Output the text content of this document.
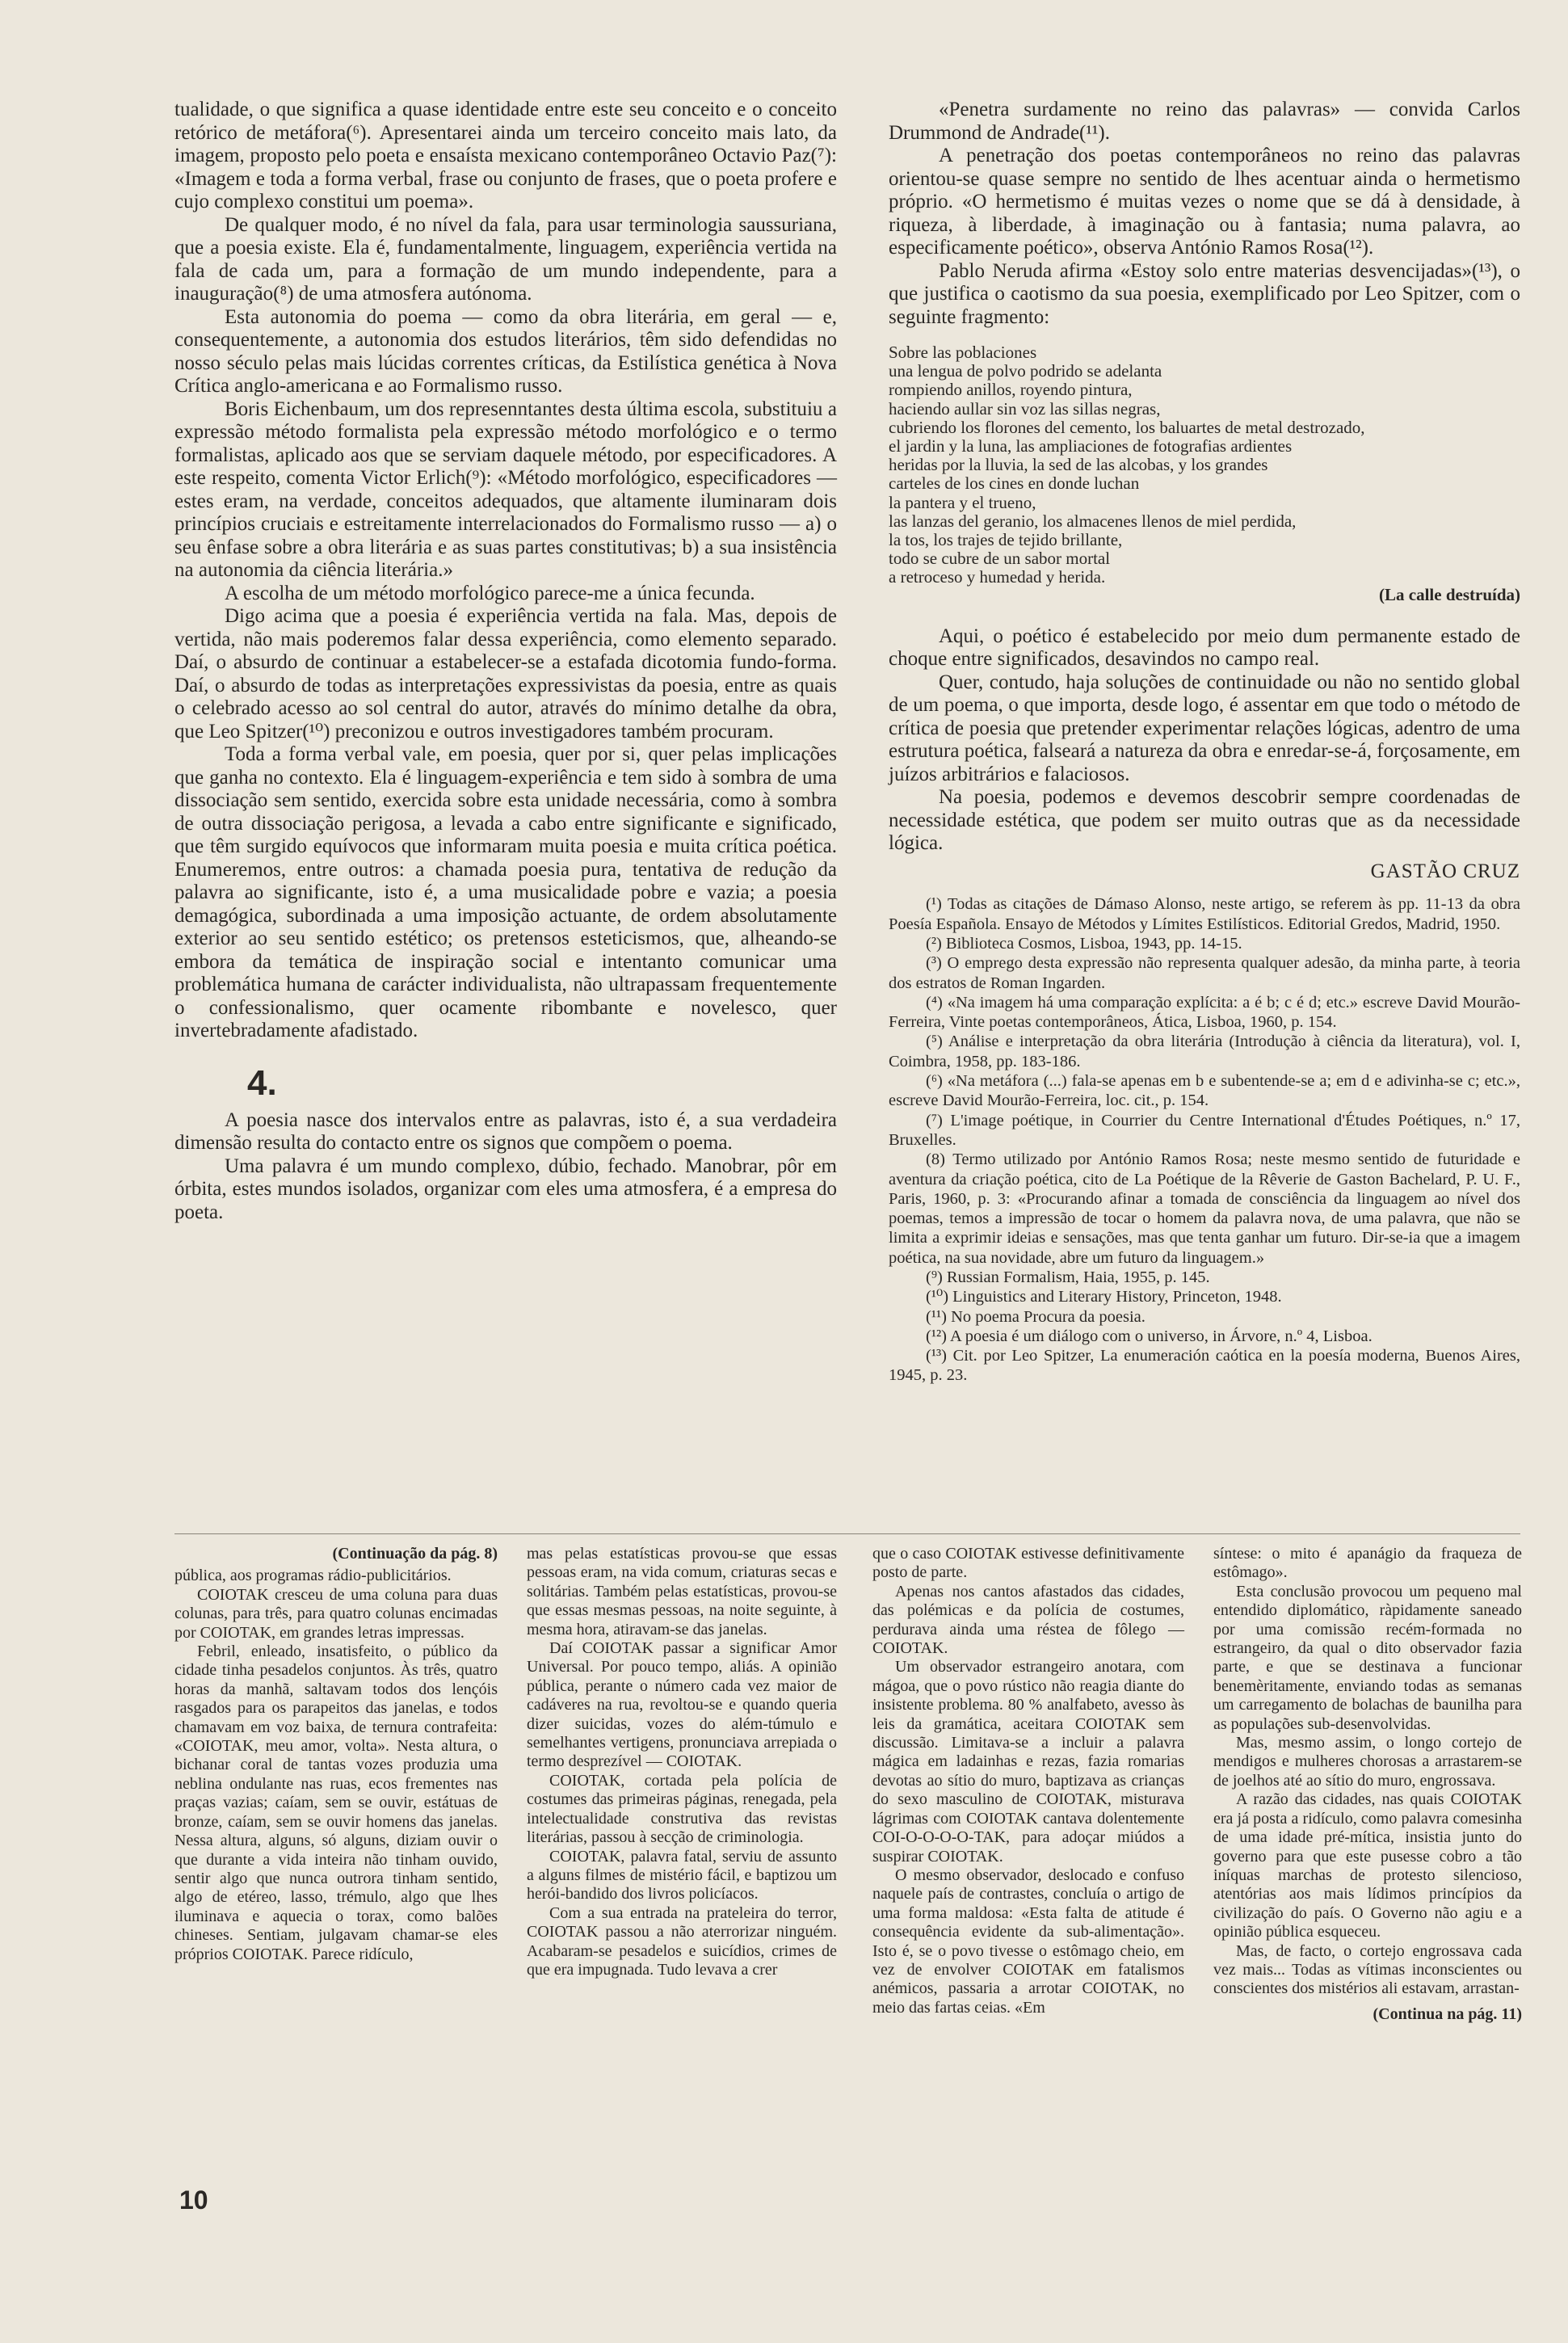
tualidade, o que significa a quase identidade entre este seu conceito e o conceito retórico de metáfora(⁶). Apresentarei ainda um terceiro conceito mais lato, da imagem, proposto pelo poeta e ensaísta mexicano contemporâneo Octavio Paz(⁷): «Imagem e toda a forma verbal, frase ou conjunto de frases, que o poeta profere e cujo complexo constitui um poema».

De qualquer modo, é no nível da fala, para usar terminologia saussuriana, que a poesia existe. Ela é, fundamentalmente, linguagem, experiência vertida na fala de cada um, para a formação de um mundo independente, para a inauguração(⁸) de uma atmosfera autónoma.

Esta autonomia do poema — como da obra literária, em geral — e, consequentemente, a autonomia dos estudos literários, têm sido defendidas no nosso século pelas mais lúcidas correntes críticas, da Estilística genética à Nova Crítica anglo-americana e ao Formalismo russo.

Boris Eichenbaum, um dos represenntantes desta última escola, substituiu a expressão método formalista pela expressão método morfológico e o termo formalistas, aplicado aos que se serviam daquele método, por especificadores. A este respeito, comenta Victor Erlich(⁹): «Método morfológico, especificadores — estes eram, na verdade, conceitos adequados, que altamente iluminaram dois princípios cruciais e estreitamente interrelacionados do Formalismo russo — a) o seu ênfase sobre a obra literária e as suas partes constitutivas; b) a sua insistência na autonomia da ciência literária.»

A escolha de um método morfológico parece-me a única fecunda.

Digo acima que a poesia é experiência vertida na fala. Mas, depois de vertida, não mais poderemos falar dessa experiência, como elemento separado. Daí, o absurdo de continuar a estabelecer-se a estafada dicotomia fundo-forma. Daí, o absurdo de todas as interpretações expressivistas da poesia, entre as quais o celebrado acesso ao sol central do autor, através do mínimo detalhe da obra, que Leo Spitzer(¹⁰) preconizou e outros investigadores também procuram.

Toda a forma verbal vale, em poesia, quer por si, quer pelas implicações que ganha no contexto. Ela é linguagem-experiência e tem sido à sombra de uma dissociação sem sentido, exercida sobre esta unidade necessária, como à sombra de outra dissociação perigosa, a levada a cabo entre significante e significado, que têm surgido equívocos que informaram muita poesia e muita crítica poética. Enumeremos, entre outros: a chamada poesia pura, tentativa de redução da palavra ao significante, isto é, a uma musicalidade pobre e vazia; a poesia demagógica, subordinada a uma imposição actuante, de ordem absolutamente exterior ao seu sentido estético; os pretensos esteticismos, que, alheando-se embora da temática de inspiração social e intentanto comunicar uma problemática humana de carácter individualista, não ultrapassam frequentemente o confessionalismo, quer ocamente ribombante e novelesco, quer invertebradamente afadistado.

4.

A poesia nasce dos intervalos entre as palavras, isto é, a sua verdadeira dimensão resulta do contacto entre os signos que compõem o poema.

Uma palavra é um mundo complexo, dúbio, fechado. Manobrar, pôr em órbita, estes mundos isolados, organizar com eles uma atmosfera, é a empresa do poeta.

«Penetra surdamente no reino das palavras» — convida Carlos Drummond de Andrade(¹¹).

A penetração dos poetas contemporâneos no reino das palavras orientou-se quase sempre no sentido de lhes acentuar ainda o hermetismo próprio. «O hermetismo é muitas vezes o nome que se dá à densidade, à riqueza, à liberdade, à imaginação ou à fantasia; numa palavra, ao especificamente poético», observa António Ramos Rosa(¹²).

Pablo Neruda afirma «Estoy solo entre materias desvencijadas»(¹³), o que justifica o caotismo da sua poesia, exemplificado por Leo Spitzer, com o seguinte fragmento:

Sobre las poblaciones
una lengua de polvo podrido se adelanta
rompiendo anillos, royendo pintura,
haciendo aullar sin voz las sillas negras,
cubriendo los florones del cemento, los baluartes de metal destrozado,
el jardin y la luna, las ampliaciones de fotografias ardientes
heridas por la lluvia, la sed de las alcobas, y los grandes
carteles de los cines en donde luchan
la pantera y el trueno,
las lanzas del geranio, los almacenes llenos de miel perdida,
la tos, los trajes de tejido brillante,
todo se cubre de un sabor mortal
a retroceso y humedad y herida.
(La calle destruída)

Aqui, o poético é estabelecido por meio dum permanente estado de choque entre significados, desavindos no campo real.

Quer, contudo, haja soluções de continuidade ou não no sentido global de um poema, o que importa, desde logo, é assentar em que todo o método de crítica de poesia que pretender experimentar relações lógicas, adentro de uma estrutura poética, falseará a natureza da obra e enredar-se-á, forçosamente, em juízos arbitrários e falaciosos.

Na poesia, podemos e devemos descobrir sempre coordenadas de necessidade estética, que podem ser muito outras que as da necessidade lógica.

GASTÃO CRUZ

(¹) Todas as citações de Dámaso Alonso, neste artigo, se referem às pp. 11-13 da obra Poesía Española. Ensayo de Métodos y Límites Estilísticos. Editorial Gredos, Madrid, 1950.

(²) Biblioteca Cosmos, Lisboa, 1943, pp. 14-15.

(³) O emprego desta expressão não representa qualquer adesão, da minha parte, à teoria dos estratos de Roman Ingarden.

(⁴) «Na imagem há uma comparação explícita: a é b; c é d; etc.» escreve David Mourão-Ferreira, Vinte poetas contemporâneos, Ática, Lisboa, 1960, p. 154.

(⁵) Análise e interpretação da obra literária (Introdução à ciência da literatura), vol. I, Coimbra, 1958, pp. 183-186.

(⁶) «Na metáfora (...) fala-se apenas em b e subentende-se a; em d e adivinha-se c; etc.», escreve David Mourão-Ferreira, loc. cit., p. 154.

(⁷) L'image poétique, in Courrier du Centre International d'Études Poétiques, n.º 17, Bruxelles.

(8) Termo utilizado por António Ramos Rosa; neste mesmo sentido de futuridade e aventura da criação poética, cito de La Poétique de la Rêverie de Gaston Bachelard, P. U. F., Paris, 1960, p. 3: «Procurando afinar a tomada de consciência da linguagem ao nível dos poemas, temos a impressão de tocar o homem da palavra nova, de uma palavra, que não se limita a exprimir ideias e sensações, mas que tenta ganhar um futuro. Dir-se-ia que a imagem poética, na sua novidade, abre um futuro da linguagem.»

(⁹) Russian Formalism, Haia, 1955, p. 145.

(¹⁰) Linguistics and Literary History, Princeton, 1948.

(¹¹) No poema Procura da poesia.

(¹²) A poesia é um diálogo com o universo, in Árvore, n.º 4, Lisboa.

(¹³) Cit. por Leo Spitzer, La enumeración caótica en la poesía moderna, Buenos Aires, 1945, p. 23.

(Continuação da pág. 8)

pública, aos programas rádio-publicitários.

COIOTAK cresceu de uma coluna para duas colunas, para três, para quatro colunas encimadas por COIOTAK, em grandes letras impressas.

Febril, enleado, insatisfeito, o público da cidade tinha pesadelos conjuntos. Às três, quatro horas da manhã, saltavam todos dos lençóis rasgados para os parapeitos das janelas, e todos chamavam em voz baixa, de ternura contrafeita: «COIOTAK, meu amor, volta». Nesta altura, o bichanar coral de tantas vozes produzia uma neblina ondulante nas ruas, ecos frementes nas praças vazias; caíam, sem se ouvir, estátuas de bronze, caíam, sem se ouvir homens das janelas. Nessa altura, alguns, só alguns, diziam ouvir o que durante a vida inteira não tinham ouvido, sentir algo que nunca outrora tinham sentido, algo de etéreo, lasso, trémulo, algo que lhes iluminava e aquecia o torax, como balões chineses. Sentiam, julgavam chamar-se eles próprios COIOTAK. Parece ridículo,

mas pelas estatísticas provou-se que essas pessoas eram, na vida comum, criaturas secas e solitárias. Também pelas estatísticas, provou-se que essas mesmas pessoas, na noite seguinte, à mesma hora, atiravam-se das janelas.

Daí COIOTAK passar a significar Amor Universal. Por pouco tempo, aliás. A opinião pública, perante o número cada vez maior de cadáveres na rua, revoltou-se e quando queria dizer suicidas, vozes do além-túmulo e semelhantes vertigens, pronunciava arrepiada o termo desprezível — COIOTAK.

COIOTAK, cortada pela polícia de costumes das primeiras páginas, renegada, pela intelectualidade construtiva das revistas literárias, passou à secção de criminologia.

COIOTAK, palavra fatal, serviu de assunto a alguns filmes de mistério fácil, e baptizou um herói-bandido dos livros policíacos.

Com a sua entrada na prateleira do terror, COIOTAK passou a não aterrorizar ninguém. Acabaram-se pesadelos e suicídios, crimes de que era impugnada. Tudo levava a crer

que o caso COIOTAK estivesse definitivamente posto de parte.

Apenas nos cantos afastados das cidades, das polémicas e da polícia de costumes, perdurava ainda uma réstea de fôlego — COIOTAK.

Um observador estrangeiro anotara, com mágoa, que o povo rústico não reagia diante do insistente problema. 80 % analfabeto, avesso às leis da gramática, aceitara COIOTAK sem discussão. Limitava-se a incluir a palavra mágica em ladainhas e rezas, fazia romarias devotas ao sítio do muro, baptizava as crianças do sexo masculino de COIOTAK, misturava lágrimas com COIOTAK cantava dolentemente COI-O-O-O-O-TAK, para adoçar miúdos a suspirar COIOTAK.

O mesmo observador, deslocado e confuso naquele país de contrastes, concluía o artigo de uma forma maldosa: «Esta falta de atitude é consequência evidente da sub-alimentação». Isto é, se o povo tivesse o estômago cheio, em vez de envolver COIOTAK em fatalismos anémicos, passaria a arrotar COIOTAK, no meio das fartas ceias. «Em

síntese: o mito é apanágio da fraqueza de estômago».

Esta conclusão provocou um pequeno mal entendido diplomático, ràpidamente saneado por uma comissão recém-formada no estrangeiro, da qual o dito observador fazia parte, e que se destinava a funcionar benemèritamente, enviando todas as semanas um carregamento de bolachas de baunilha para as populações sub-desenvolvidas.

Mas, mesmo assim, o longo cortejo de mendigos e mulheres chorosas a arrastarem-se de joelhos até ao sítio do muro, engrossava.

A razão das cidades, nas quais COIOTAK era já posta a ridículo, como palavra comesinha de uma idade pré-mítica, insistia junto do governo para que este pusesse cobro a tão iníquas marchas de protesto silencioso, atentórias aos mais lídimos princípios da civilização do país. O Governo não agiu e a opinião pública esqueceu.

Mas, de facto, o cortejo engrossava cada vez mais... Todas as vítimas inconscientes ou conscientes dos mistérios ali estavam, arrastan-

(Continua na pág. 11)
10
